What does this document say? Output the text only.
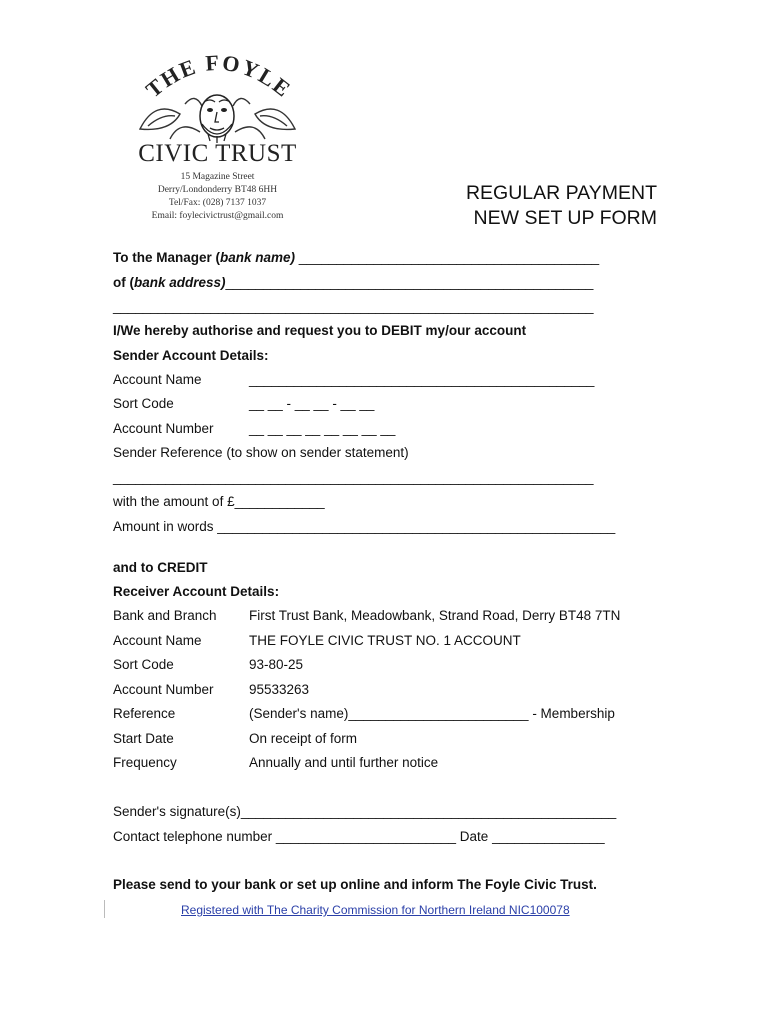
THE FOYLE
CIVIC TRUST
15 Magazine Street
Derry/Londonderry BT48 6HH
Tel/Fax: (028) 7137 1037
Email: foylecivictrust@gmail.com
REGULAR PAYMENT
NEW SET UP FORM
To the Manager (bank name) ________________________________________
of (bank address)_________________________________________________
________________________________________________________________
I/We hereby authorise and request you to DEBIT my/our account
Sender Account Details:
Account Name	______________________________________________
Sort Code	__ __ - __ __ - __ __
Account Number	__ __ __ __ __ __ __ __
Sender Reference (to show on sender statement)
________________________________________________________________
with the amount of £____________
Amount in words _____________________________________________________
and to CREDIT
Receiver Account Details:
Bank and Branch First Trust Bank, Meadowbank, Strand Road, Derry BT48 7TN
Account Name	THE FOYLE CIVIC TRUST NO. 1 ACCOUNT
Sort Code	93-80-25
Account Number	95533263
Reference	(Sender's name)________________________ - Membership
Start Date	On receipt of form
Frequency	Annually and until further notice
Sender's signature(s)__________________________________________________
Contact telephone number ________________________ Date _______________
Please send to your bank or set up online and inform The Foyle Civic Trust.
Registered with The Charity Commission for Northern Ireland NIC100078
